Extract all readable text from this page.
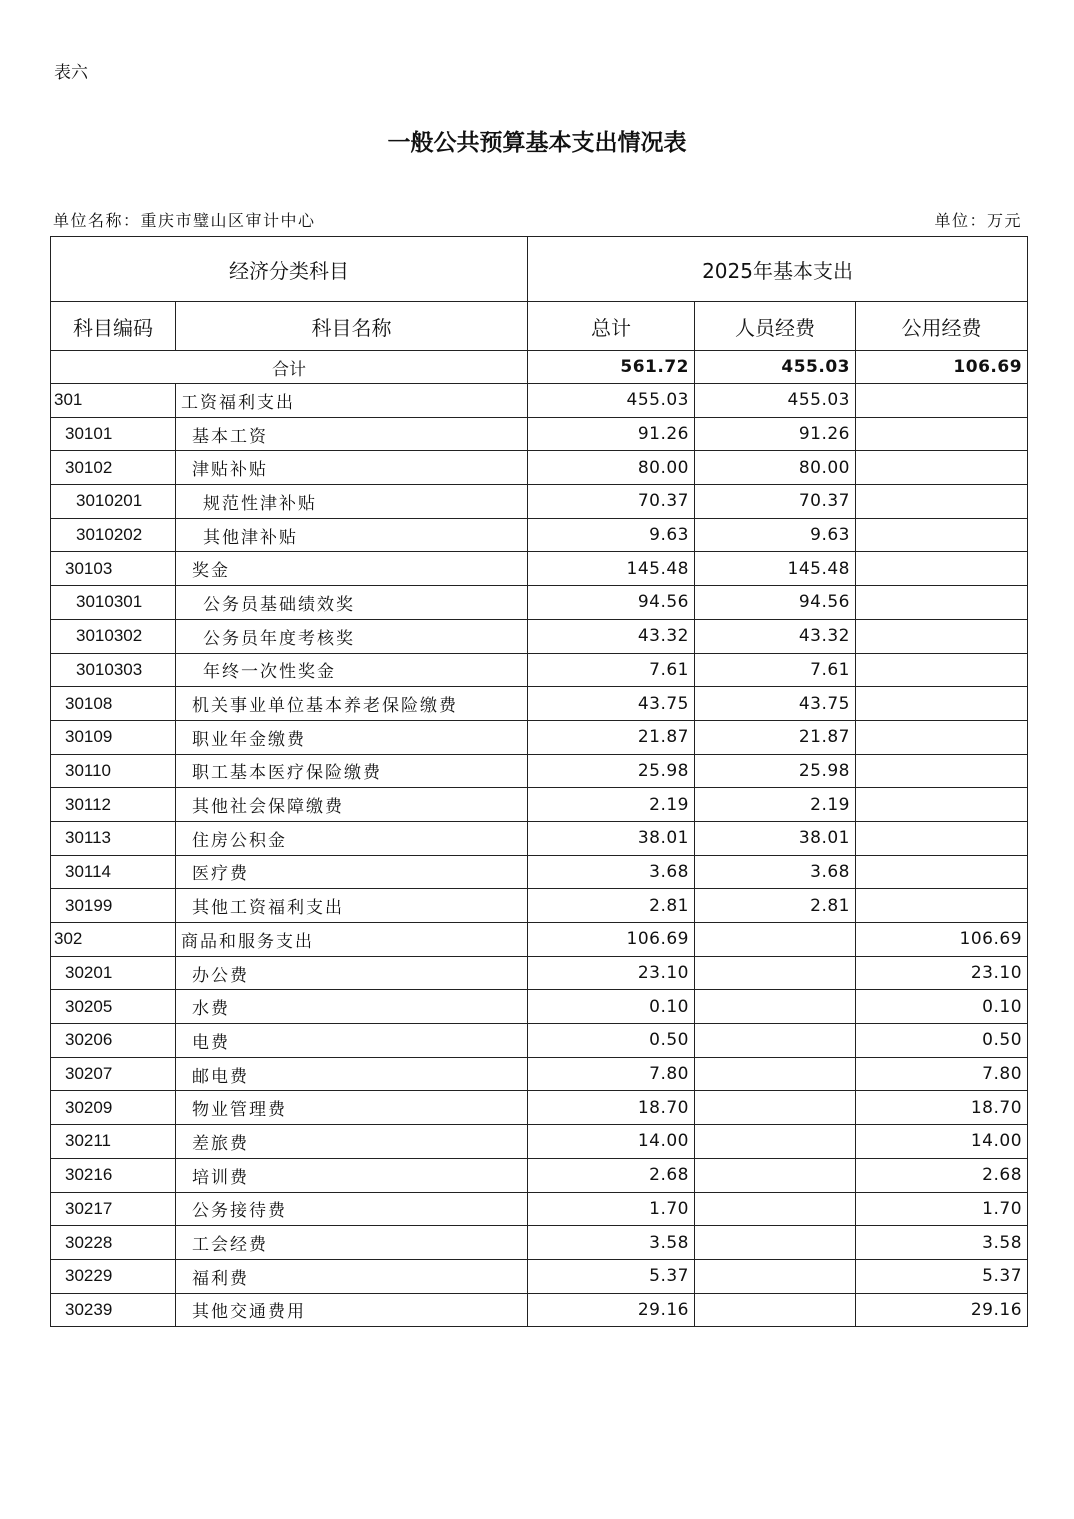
表六
一般公共预算基本支出情况表
单位名称：重庆市璧山区审计中心	单位：万元
经济分类科目		2025年基本支出		
科目编码	科目名称	总计	人员经费	公用经费
合计		561.72	455.03	106.69
301	工资福利支出	455.03	455.03	
30101	基本工资	91.26	91.26	
30102	津贴补贴	80.00	80.00	
3010201	规范性津补贴	70.37	70.37	
3010202	其他津补贴	9.63	9.63	
30103	奖金	145.48	145.48	
3010301	公务员基础绩效奖	94.56	94.56	
3010302	公务员年度考核奖	43.32	43.32	
3010303	年终一次性奖金	7.61	7.61	
30108	机关事业单位基本养老保险缴费	43.75	43.75	
30109	职业年金缴费	21.87	21.87	
30110	职工基本医疗保险缴费	25.98	25.98	
30112	其他社会保障缴费	2.19	2.19	
30113	住房公积金	38.01	38.01	
30114	医疗费	3.68	3.68	
30199	其他工资福利支出	2.81	2.81	
302	商品和服务支出	106.69		106.69
30201	办公费	23.10		23.10
30205	水费	0.10		0.10
30206	电费	0.50		0.50
30207	邮电费	7.80		7.80
30209	物业管理费	18.70		18.70
30211	差旅费	14.00		14.00
30216	培训费	2.68		2.68
30217	公务接待费	1.70		1.70
30228	工会经费	3.58		3.58
30229	福利费	5.37		5.37
30239	其他交通费用	29.16		29.16
